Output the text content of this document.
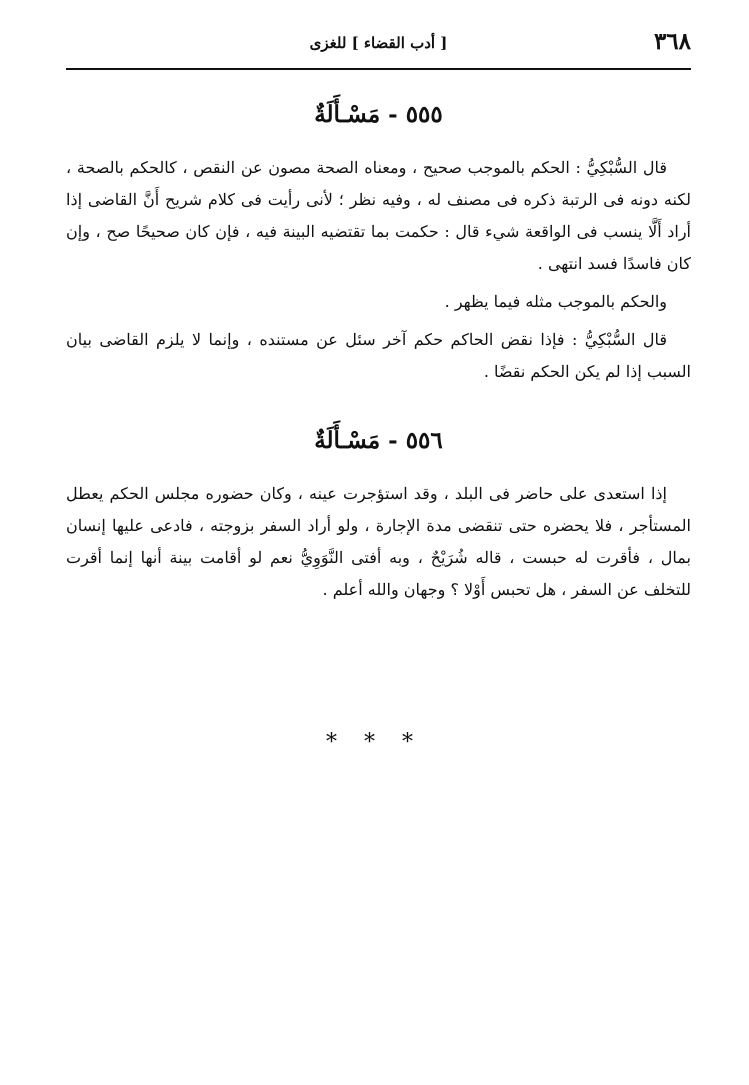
٣٦٨
[ أدب القضاء ] للغزى
٥٥٥ - مَسْـأَلَةٌ

قال السُّبْكِيُّ : الحكم بالموجب صحيح ، ومعناه الصحة مصون عن النقص ، كالحكم بالصحة ، لكنه دونه فى الرتبة ذكره فى مصنف له ، وفيه نظر ؛ لأنى رأيت فى كلام شريح أَنَّ القاضى إذا أراد أَلَّا ينسب فى الواقعة شيء قال : حكمت بما تقتضيه البينة فيه ، فإن كان صحيحًا صح ، وإن كان فاسدًا فسد انتهى .

والحكم بالموجب مثله فيما يظهر .

قال السُّبْكِيُّ : فإذا نقض الحاكم حكم آخر سئل عن مستنده ، وإنما لا يلزم القاضى بيان السبب إذا لم يكن الحكم نقضًا .

٥٥٦ - مَسْـأَلَةٌ

إذا استعدى على حاضر فى البلد ، وقد استؤجرت عينه ، وكان حضوره مجلس الحكم يعطل المستأجر ، فلا يحضره حتى تنقضى مدة الإجارة ، ولو أراد السفر بزوجته ، فادعى عليها إنسان بمال ، فأقرت له حبست ، قاله شُرَيْحٌ ، وبه أفتى النَّوَوِيُّ نعم لو أقامت بينة أنها إنما أقرت للتخلف عن السفر ، هل تحبس أَوْلا ؟ وجهان والله أعلم .

* * *
